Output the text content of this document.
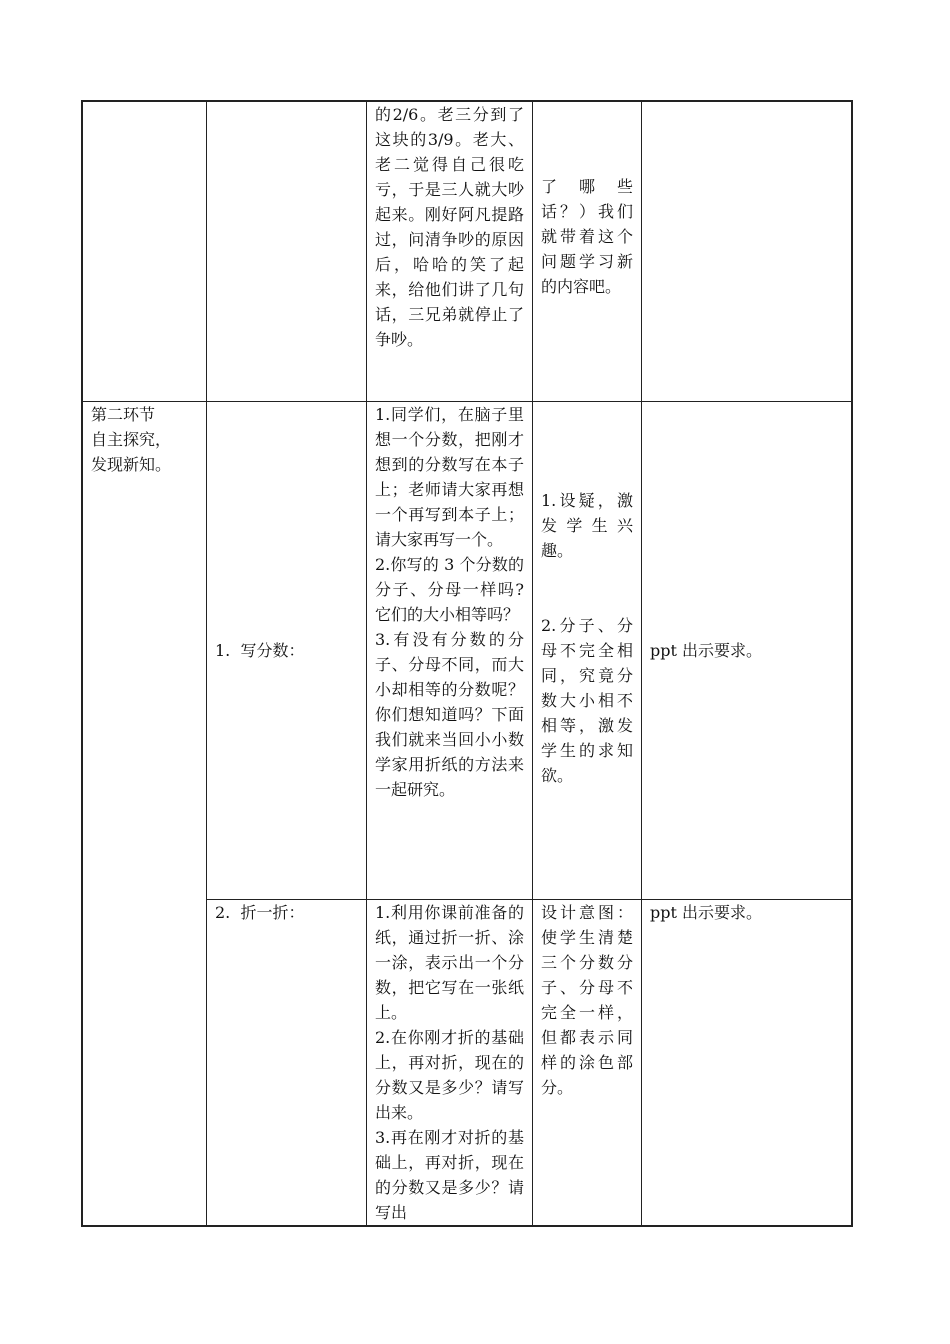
		的2/6。老三分到了这块的3/9。老大、老二觉得自己很吃亏，于是三人就大吵起来。刚好阿凡提路过，问清争吵的原因后，哈哈的笑了起来，给他们讲了几句话，三兄弟就停止了争吵。	了 哪 些话？）我们就带着这个问题学习新的内容吧。	

第二环节
自主探究，
发现新知。	1.  写分数：	1.同学们，在脑子里想一个分数，把刚才想到的分数写在本子上；老师请大家再想一个再写到本子上；请大家再写一个。
2.你写的 3 个分数的分子、分母一样吗?它们的大小相等吗？
3.有没有分数的分子、分母不同，而大小却相等的分数呢？你们想知道吗？下面我们就来当回小小数学家用折纸的方法来一起研究。	1.设疑，激发学生兴趣。
2.分子、分母不完全相同，究竟分数大小相不相等，激发学生的求知欲。	ppt 出示要求。

	2.  折一折：	1.利用你课前准备的纸，通过折一折、涂一涂，表示出一个分数，把它写在一张纸上。
2.在你刚才折的基础上，再对折，现在的分数又是多少？请写出来。
3.再在刚才对折的基础上，再对折，现在的分数又是多少？请写出	设计意图：使学生清楚三个分数分子、分母不完全一样，但都表示同样的涂色部分。	ppt 出示要求。
